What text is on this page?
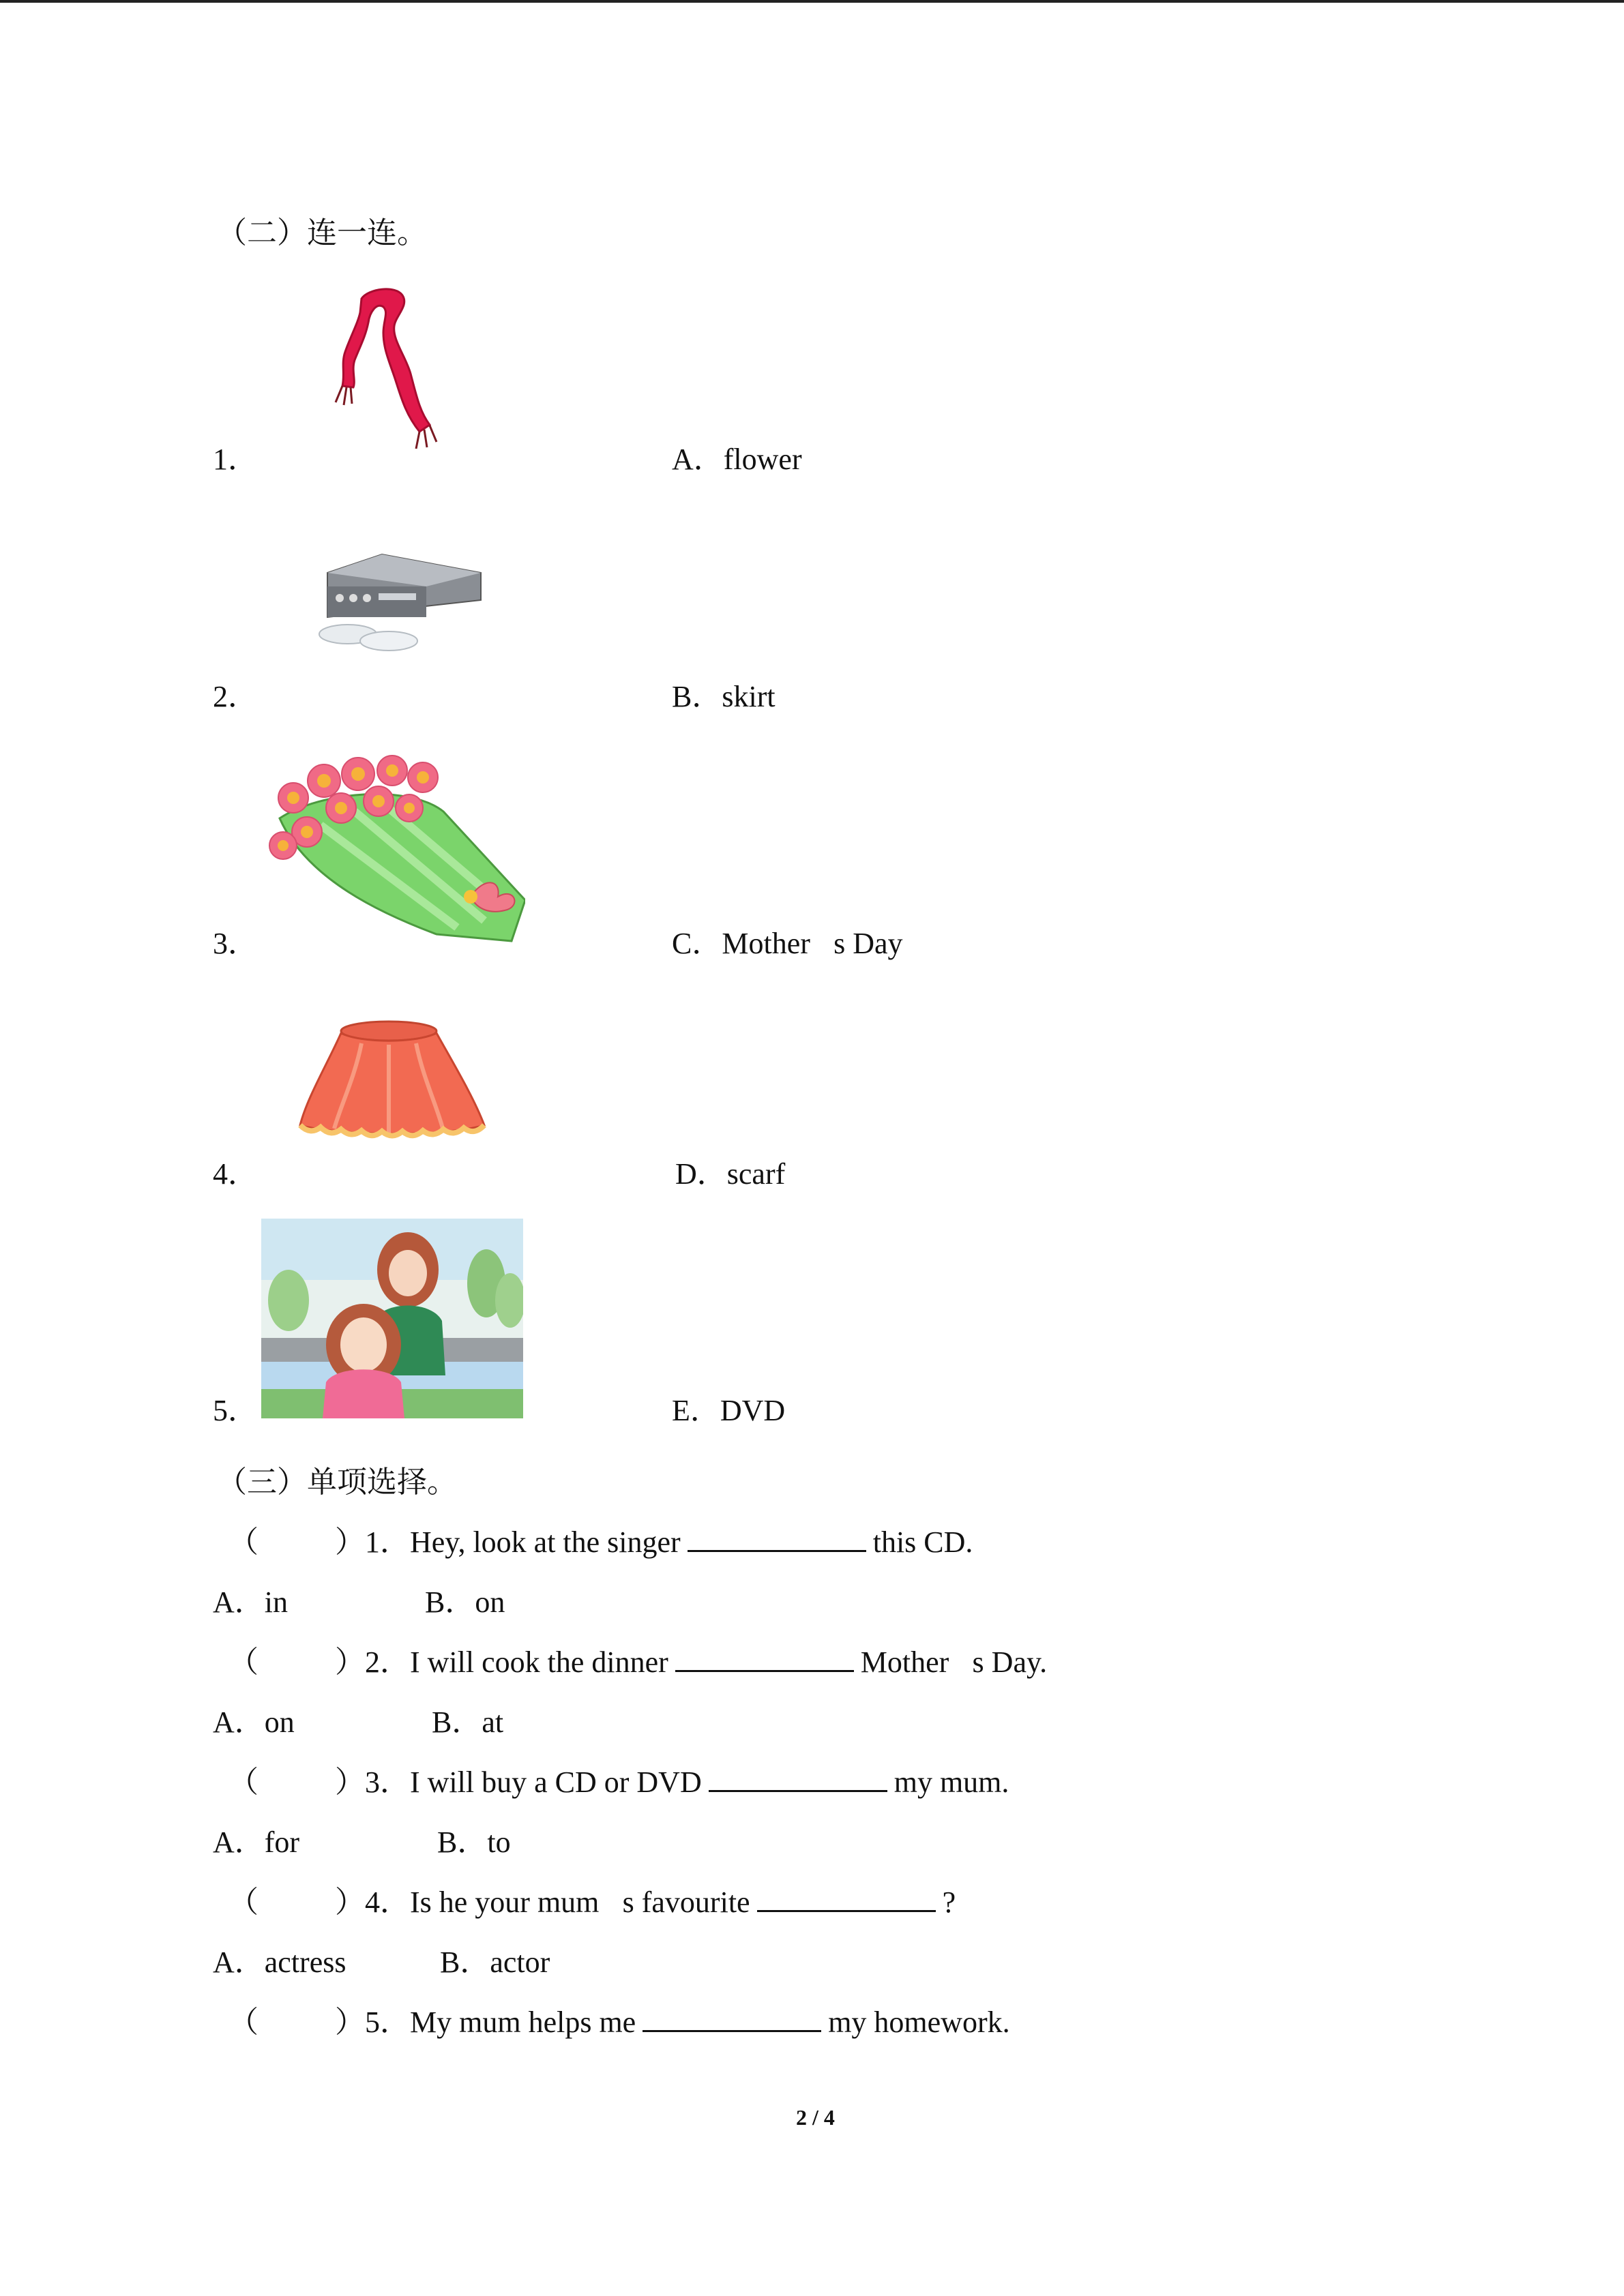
（二）连一连。
1．	A．flower
2．	B．skirt
3．	C．Mother s Day
4．	D．scarf
5．	E．DVD
（三）单项选择。
（	）1．Hey, look at the singer	this CD.
A．in	B．on
（	）2．I will cook the dinner	Mother s Day.
A．on	B．at
（	）3．I will buy a CD or DVD	my mum.
A．for	B．to
（	）4．Is he your mum s favourite	?
A．actress	B．actor
（	）5．My mum helps me	my homework.
2 / 4
